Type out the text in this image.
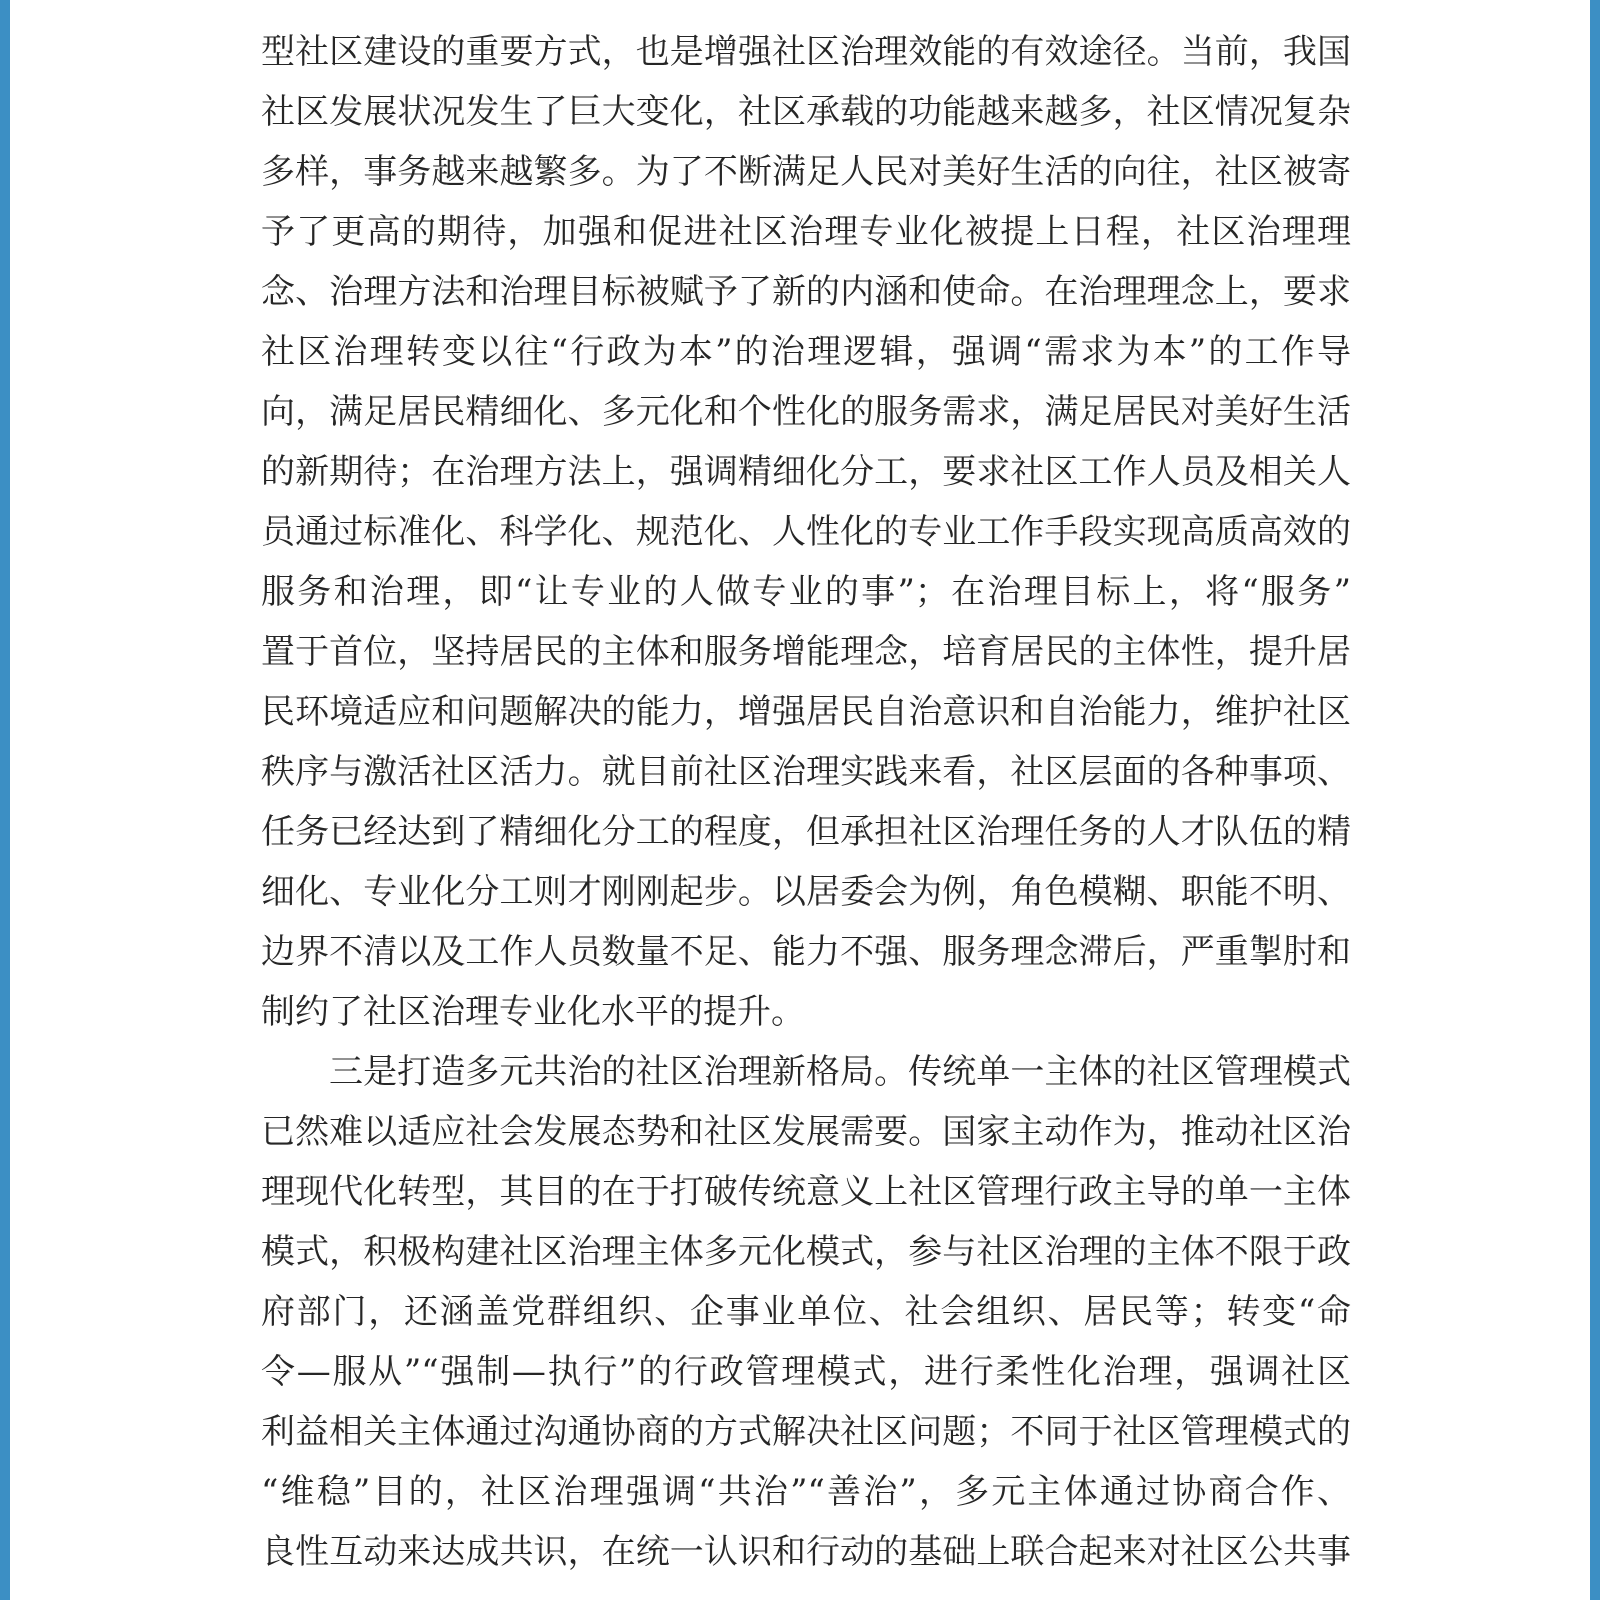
型社区建设的重要方式，也是增强社区治理效能的有效途径。当前，我国
社区发展状况发生了巨大变化，社区承载的功能越来越多，社区情况复杂
多样，事务越来越繁多。为了不断满足人民对美好生活的向往，社区被寄
予了更高的期待，加强和促进社区治理专业化被提上日程，社区治理理
念、治理方法和治理目标被赋予了新的内涵和使命。在治理理念上，要求
社区治理转变以往“行政为本”的治理逻辑，强调“需求为本”的工作导
向，满足居民精细化、多元化和个性化的服务需求，满足居民对美好生活
的新期待；在治理方法上，强调精细化分工，要求社区工作人员及相关人
员通过标准化、科学化、规范化、人性化的专业工作手段实现高质高效的
服务和治理，即“让专业的人做专业的事”；在治理目标上，将“服务”
置于首位，坚持居民的主体和服务增能理念，培育居民的主体性，提升居
民环境适应和问题解决的能力，增强居民自治意识和自治能力，维护社区
秩序与激活社区活力。就目前社区治理实践来看，社区层面的各种事项、
任务已经达到了精细化分工的程度，但承担社区治理任务的人才队伍的精
细化、专业化分工则才刚刚起步。以居委会为例，角色模糊、职能不明、
边界不清以及工作人员数量不足、能力不强、服务理念滞后，严重掣肘和
制约了社区治理专业化水平的提升。
三是打造多元共治的社区治理新格局。传统单一主体的社区管理模式
已然难以适应社会发展态势和社区发展需要。国家主动作为，推动社区治
理现代化转型，其目的在于打破传统意义上社区管理行政主导的单一主体
模式，积极构建社区治理主体多元化模式，参与社区治理的主体不限于政
府部门，还涵盖党群组织、企事业单位、社会组织、居民等；转变“命
令—服从”“强制—执行”的行政管理模式，进行柔性化治理，强调社区
利益相关主体通过沟通协商的方式解决社区问题；不同于社区管理模式的
“维稳”目的，社区治理强调“共治”“善治”，多元主体通过协商合作、
良性互动来达成共识，在统一认识和行动的基础上联合起来对社区公共事
